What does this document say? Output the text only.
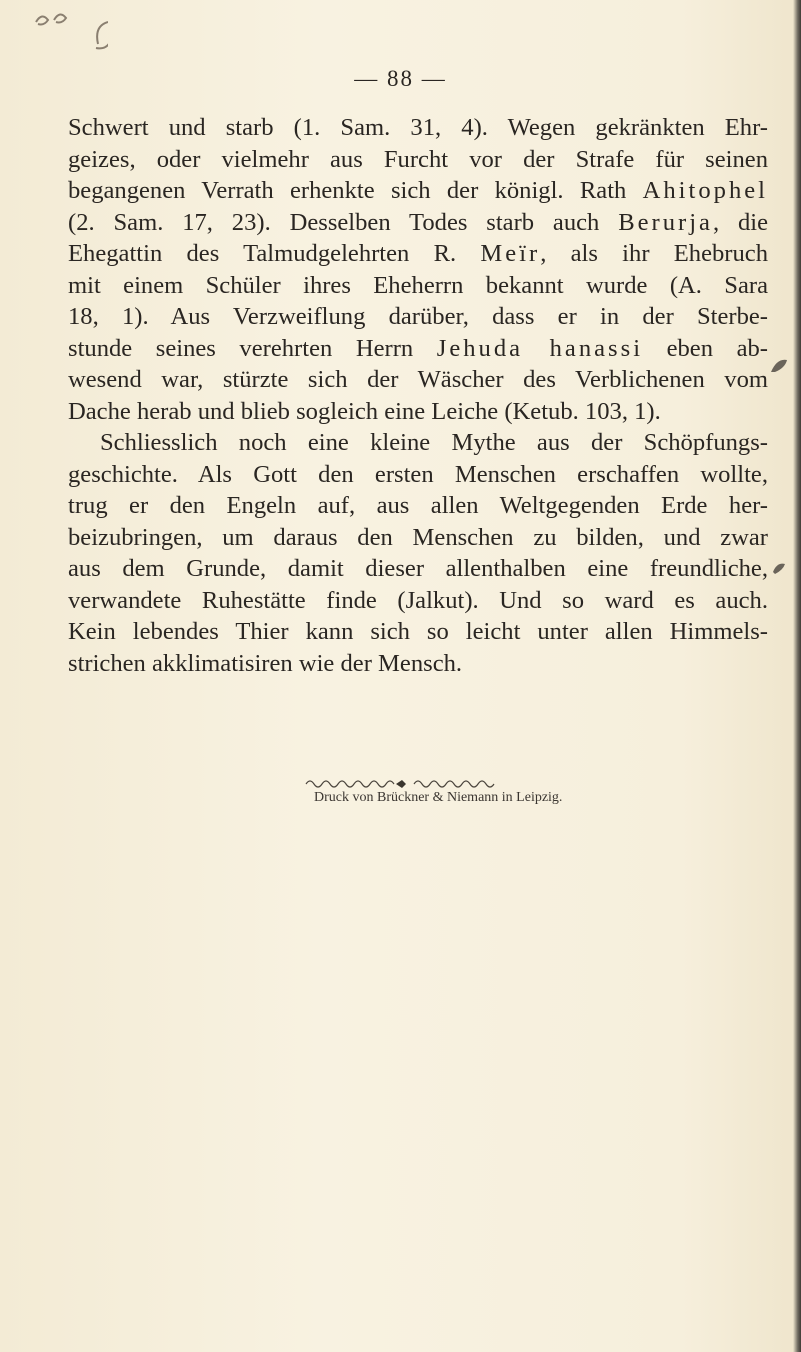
— 88 —
Schwert und starb (1. Sam. 31, 4). Wegen gekränkten Ehr-
geizes, oder vielmehr aus Furcht vor der Strafe für seinen
begangenen Verrath erhenkte sich der königl. Rath Ahitophel
(2. Sam. 17, 23). Desselben Todes starb auch Berurja, die
Ehegattin des Talmudgelehrten R. Meïr, als ihr Ehebruch
mit einem Schüler ihres Eheherrn bekannt wurde (A. Sara
18, 1). Aus Verzweiflung darüber, dass er in der Sterbe-
stunde seines verehrten Herrn Jehuda hanassi eben ab-
wesend war, stürzte sich der Wäscher des Verblichenen vom
Dache herab und blieb sogleich eine Leiche (Ketub. 103, 1).
Schliesslich noch eine kleine Mythe aus der Schöpfungs-
geschichte. Als Gott den ersten Menschen erschaffen wollte,
trug er den Engeln auf, aus allen Weltgegenden Erde her-
beizubringen, um daraus den Menschen zu bilden, und zwar
aus dem Grunde, damit dieser allenthalben eine freundliche,
verwandete Ruhestätte finde (Jalkut). Und so ward es auch.
Kein lebendes Thier kann sich so leicht unter allen Himmels-
strichen akklimatisiren wie der Mensch.
Druck von Brückner & Niemann in Leipzig.
